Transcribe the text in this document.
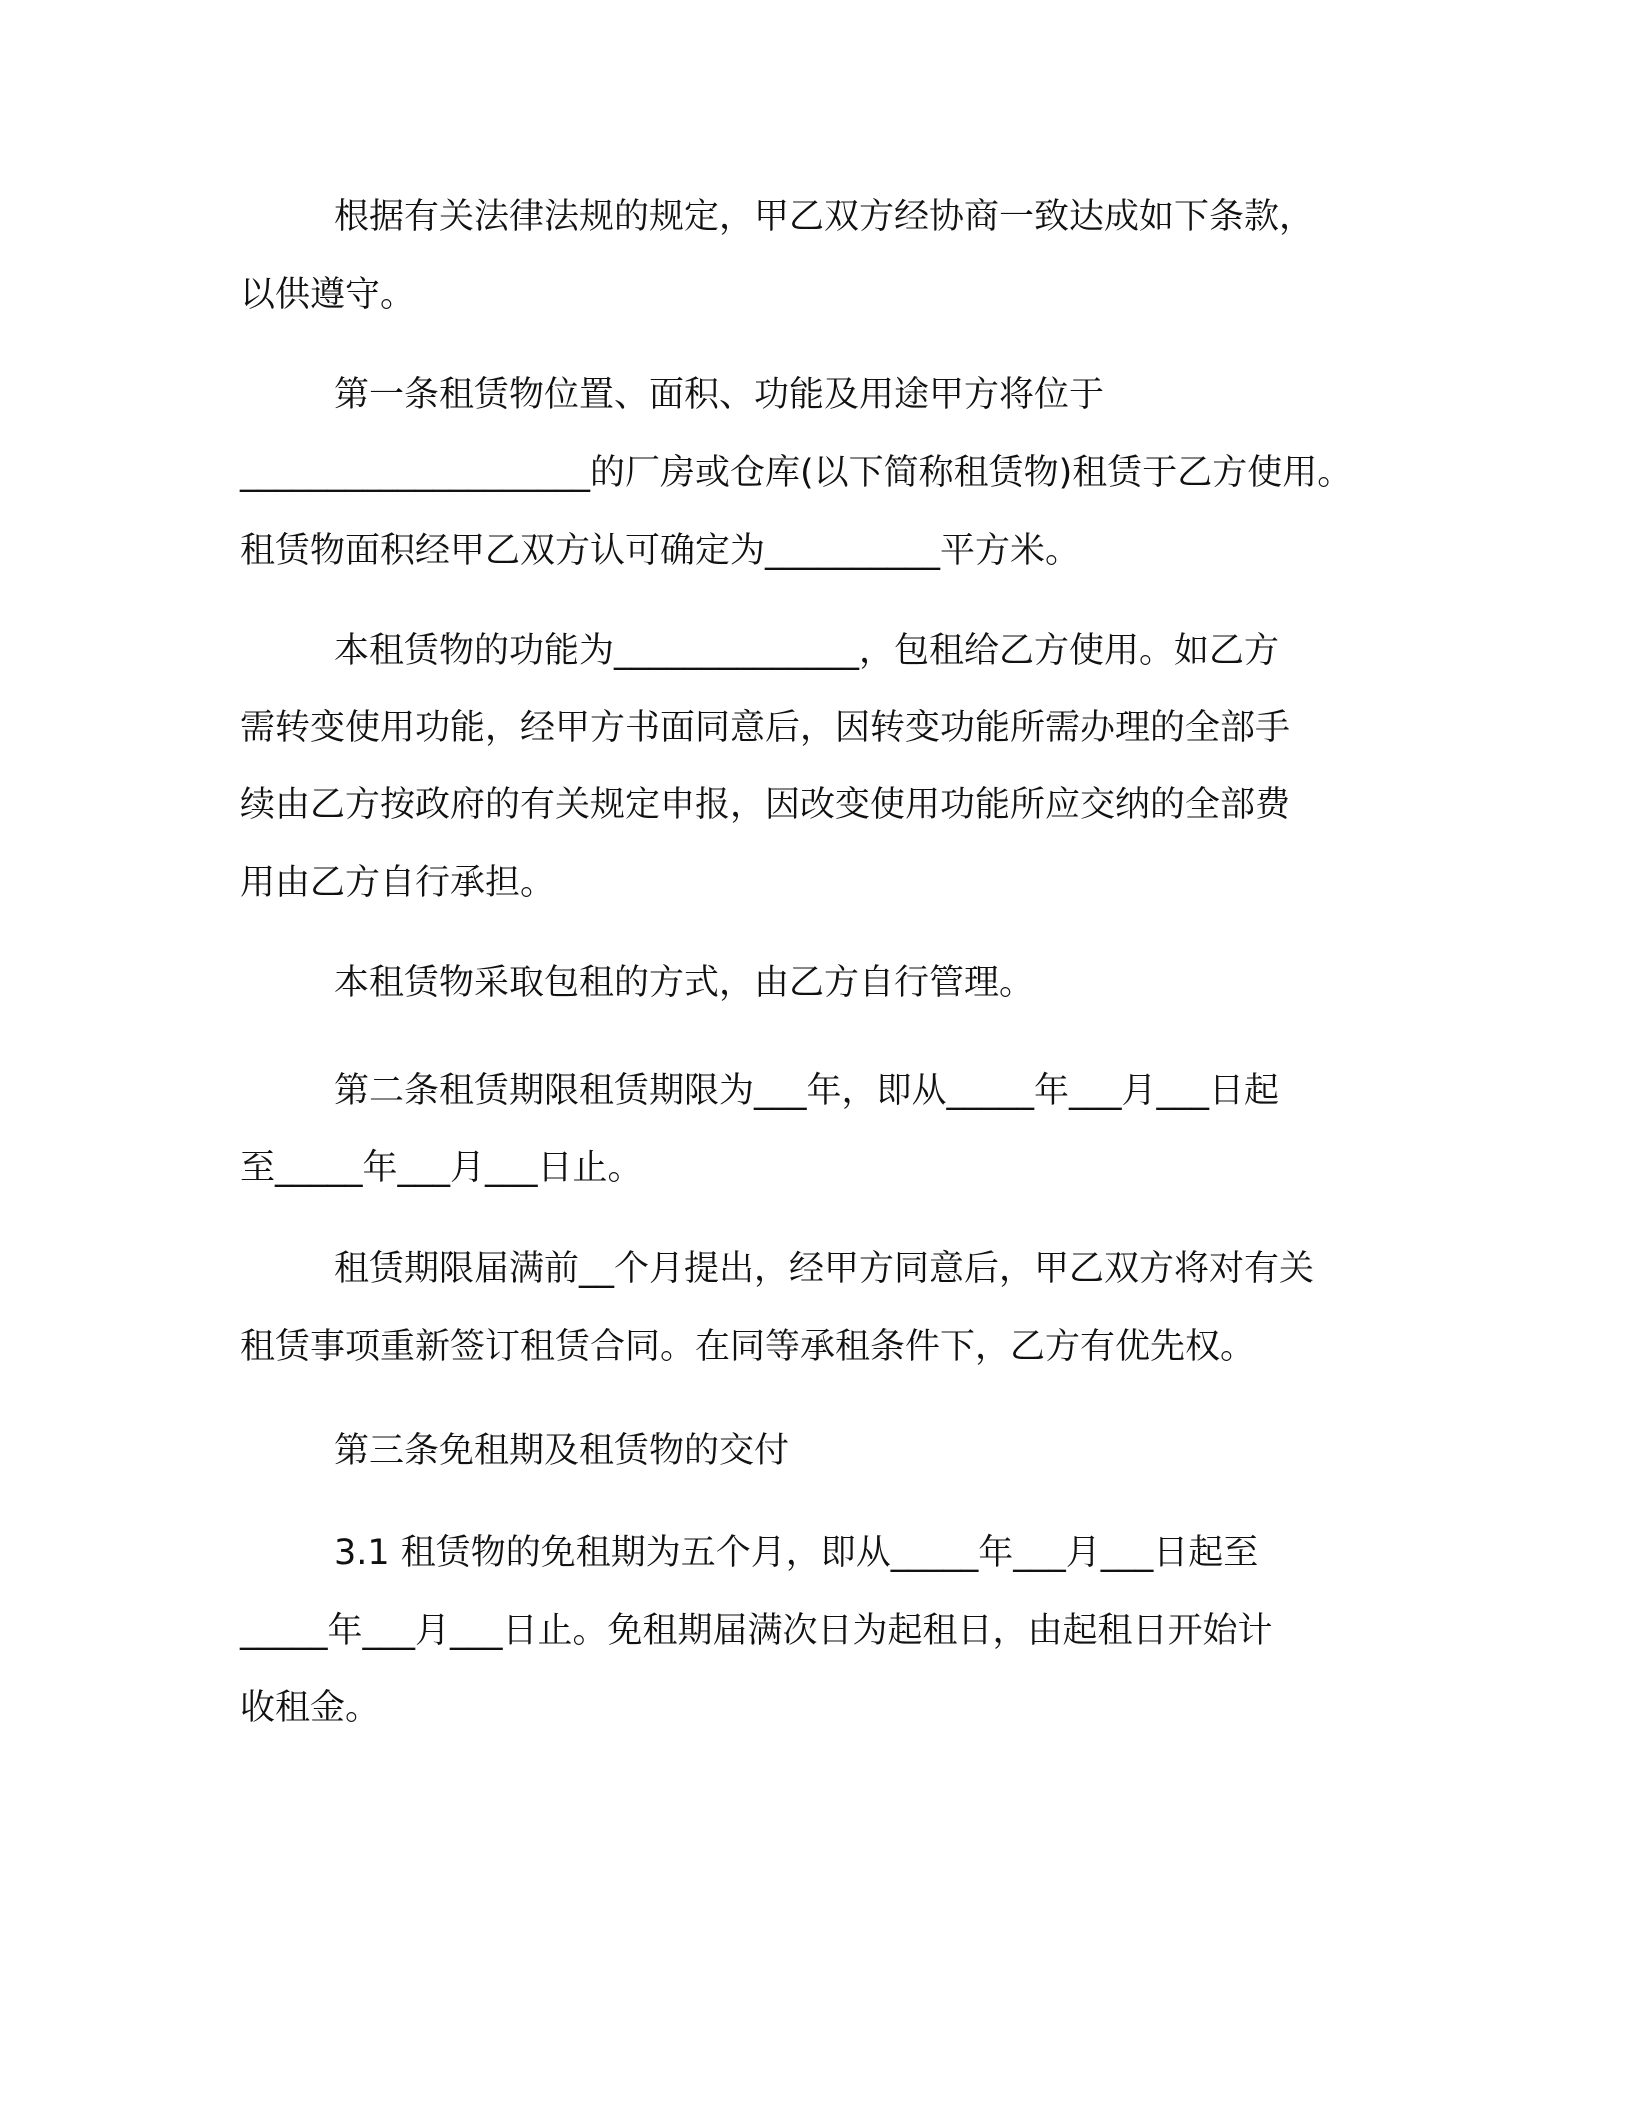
根据有关法律法规的规定，甲乙双方经协商一致达成如下条款，
以供遵守。
第一条租赁物位置、面积、功能及用途甲方将位于
____________________的厂房或仓库(以下简称租赁物)租赁于乙方使用。
租赁物面积经甲乙双方认可确定为__________平方米。
本租赁物的功能为______________，包租给乙方使用。如乙方
需转变使用功能，经甲方书面同意后，因转变功能所需办理的全部手
续由乙方按政府的有关规定申报，因改变使用功能所应交纳的全部费
用由乙方自行承担。
本租赁物采取包租的方式，由乙方自行管理。
第二条租赁期限租赁期限为___年，即从_____年___月___日起
至_____年___月___日止。
租赁期限届满前__个月提出，经甲方同意后，甲乙双方将对有关
租赁事项重新签订租赁合同。在同等承租条件下，乙方有优先权。
第三条免租期及租赁物的交付
3.1 租赁物的免租期为五个月，即从_____年___月___日起至
_____年___月___日止。免租期届满次日为起租日，由起租日开始计
收租金。
